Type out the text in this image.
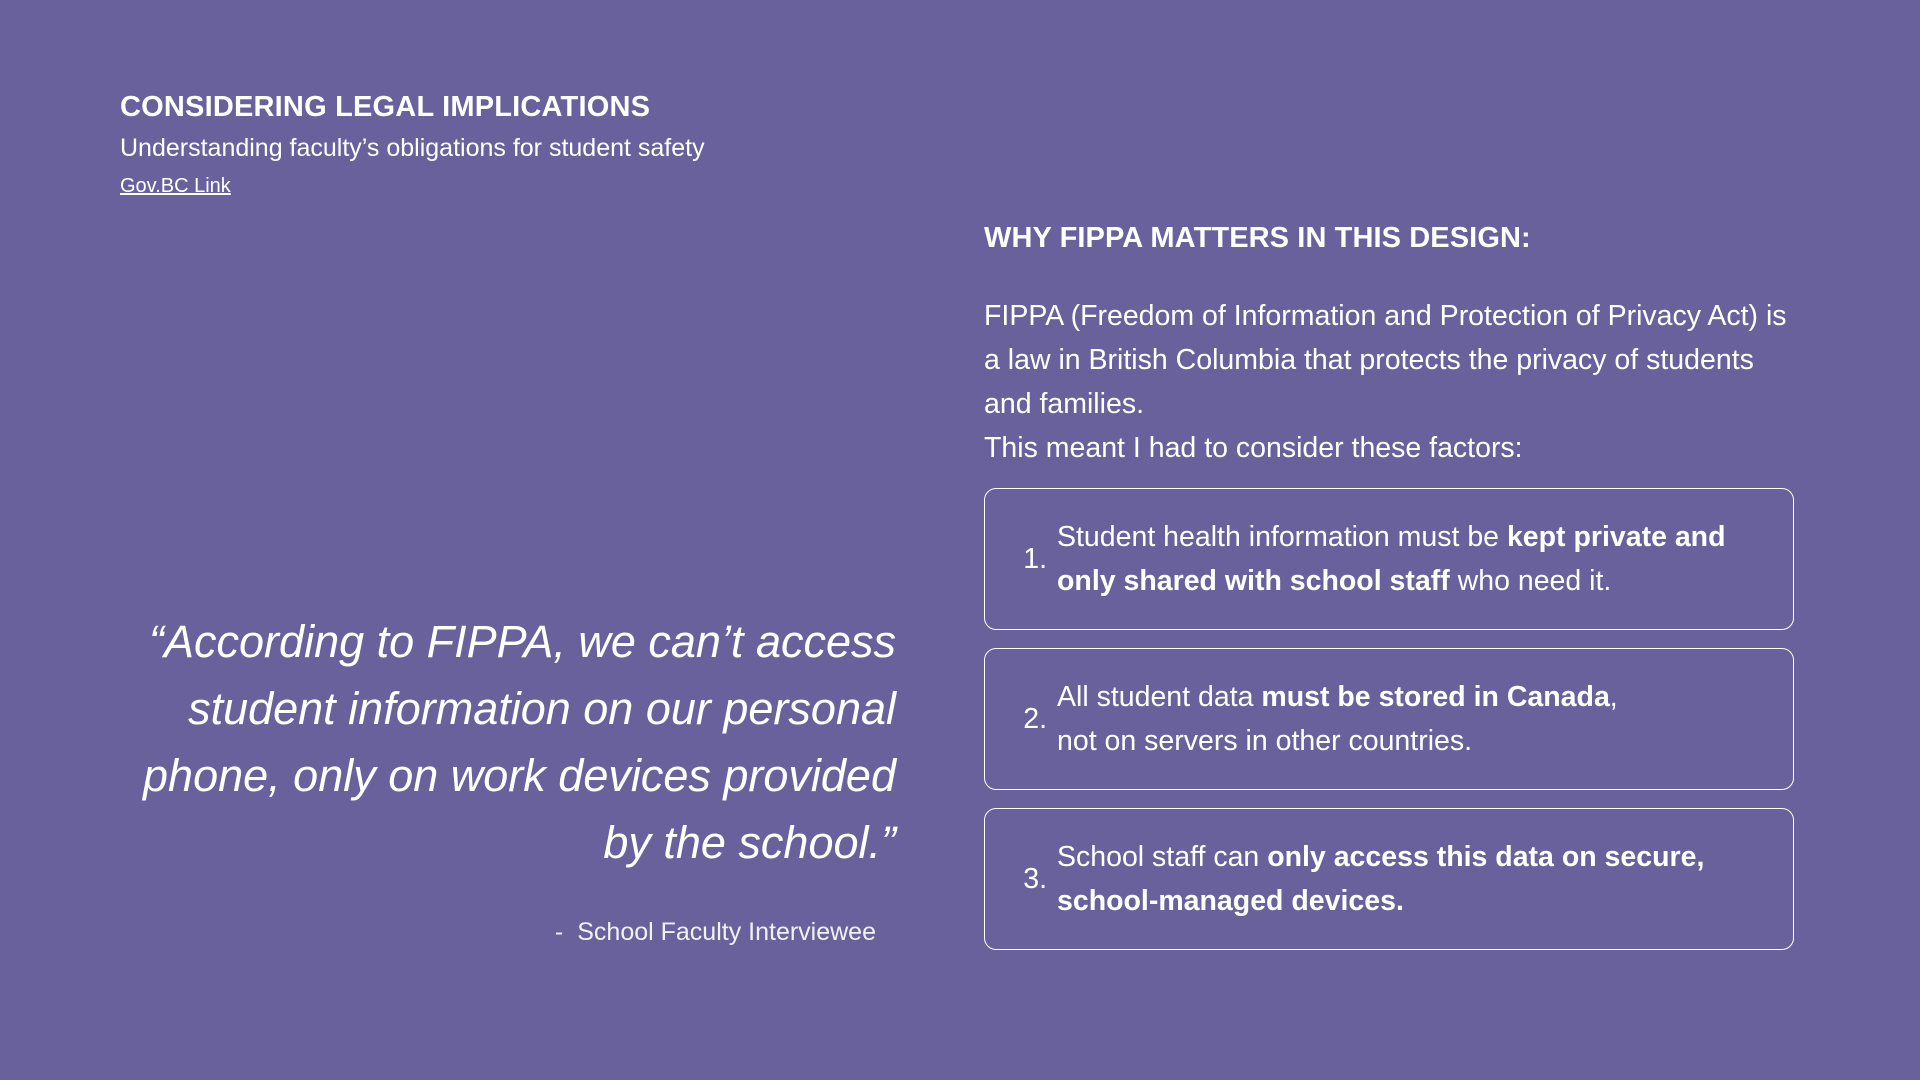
CONSIDERING LEGAL IMPLICATIONS
Understanding faculty’s obligations for student safety
Gov.BC Link
“According to FIPPA, we can’t access student information on our personal phone, only on work devices provided by the school.”
- School Faculty Interviewee
WHY FIPPA MATTERS IN THIS DESIGN:
FIPPA (Freedom of Information and Protection of Privacy Act) is a law in British Columbia that protects the privacy of students and families.
This meant I had to consider these factors:
1.
Student health information must be kept private and only shared with school staff who need it.
2.
All student data must be stored in Canada,
not on servers in other countries.
3.
School staff can only access this data on secure, school-managed devices.
